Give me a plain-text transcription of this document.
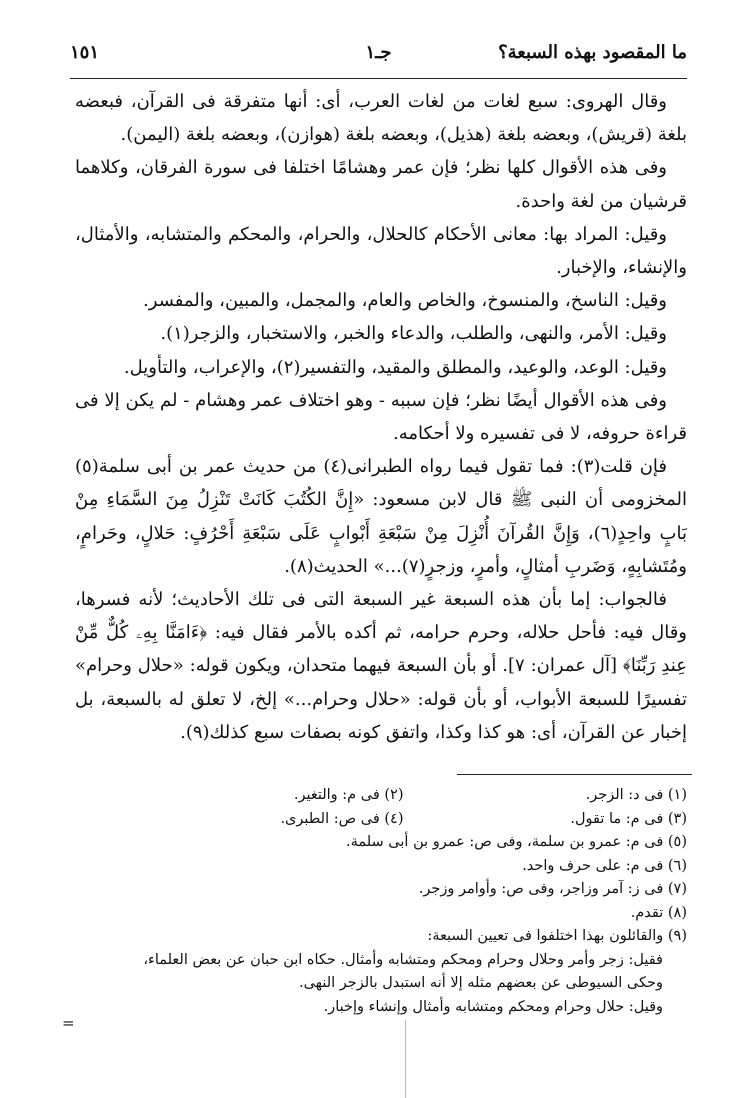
ما المقصود بهذه السبعة؟
جـ١
١٥١

وقال الهروى: سبع لغات من لغات العرب، أى: أنها متفرقة فى القرآن، فبعضه بلغة (قريش)، وبعضه بلغة (هذيل)، وبعضه بلغة (هوازن)، وبعضه بلغة (اليمن).

وفى هذه الأقوال كلها نظر؛ فإن عمر وهشامًا اختلفا فى سورة الفرقان، وكلاهما قرشيان من لغة واحدة.

وقيل: المراد بها: معانى الأحكام كالحلال، والحرام، والمحكم والمتشابه، والأمثال، والإنشاء، والإخبار.

وقيل: الناسخ، والمنسوخ، والخاص والعام، والمجمل، والمبين، والمفسر.

وقيل: الأمر، والنهى، والطلب، والدعاء والخبر، والاستخبار، والزجر(١).

وقيل: الوعد، والوعيد، والمطلق والمقيد، والتفسير(٢)، والإعراب، والتأويل.

وفى هذه الأقوال أيضًا نظر؛ فإن سببه - وهو اختلاف عمر وهشام - لم يكن إلا فى قراءة حروفه، لا فى تفسيره ولا أحكامه.

فإن قلت(٣): فما تقول فيما رواه الطبرانى(٤) من حديث عمر بن أبى سلمة(٥) المخزومى أن النبى ﷺ قال لابن مسعود: «إِنَّ الكُتُبَ كَانَتْ تَنْزِلُ مِنَ السَّمَاءِ مِنْ بَابٍ واحِدٍ(٦)، وَإِنَّ القُرآنَ أُنْزِلَ مِنْ سَبْعَةِ أَبْوابٍ عَلَى سَبْعَةِ أَحْرُفٍ: حَلالٍ، وحَرامٍ، ومُتَشابِهٍ، وَضَربِ أمثالٍ، وأمرٍ، وزجرٍ(٧)...» الحديث(٨).

فالجواب: إما بأن هذه السبعة غير السبعة التى فى تلك الأحاديث؛ لأنه فسرها، وقال فيه: فأحل حلاله، وحرم حرامه، ثم أكده بالأمر فقال فيه: ﴿ءَامَنَّا بِهِۦ كُلٌّ مِّنْ عِندِ رَبِّنَا﴾ [آل عمران: ٧]. أو بأن السبعة فيهما متحدان، ويكون قوله: «حلال وحرام» تفسيرًا للسبعة الأبواب، أو بأن قوله: «حلال وحرام...» إلخ، لا تعلق له بالسبعة، بل إخبار عن القرآن، أى: هو كذا وكذا، واتفق كونه بصفات سبع كذلك(٩).

(١) فى د: الزجر.
(٢) فى م: والتغير.
(٣) فى م: ما تقول.
(٤) فى ص: الطبرى.
(٥) فى م: عمرو بن سلمة، وفى ص: عمرو بن أبى سلمة.
(٦) فى م: على حرف واحد.
(٧) فى ز: آمر وزاجر، وفى ص: وأوامر وزجر.
(٨) تقدم.
(٩) والقائلون بهذا اختلفوا فى تعيين السبعة:
فقيل: زجر وأمر وحلال وحرام ومحكم ومتشابه وأمثال. حكاه ابن حبان عن بعض العلماء،
وحكى السيوطى عن بعضهم مثله إلا أنه استبدل بالزجر النهى.
وقيل: حلال وحرام ومحكم ومتشابه وأمثال وإنشاء وإخبار.
=
